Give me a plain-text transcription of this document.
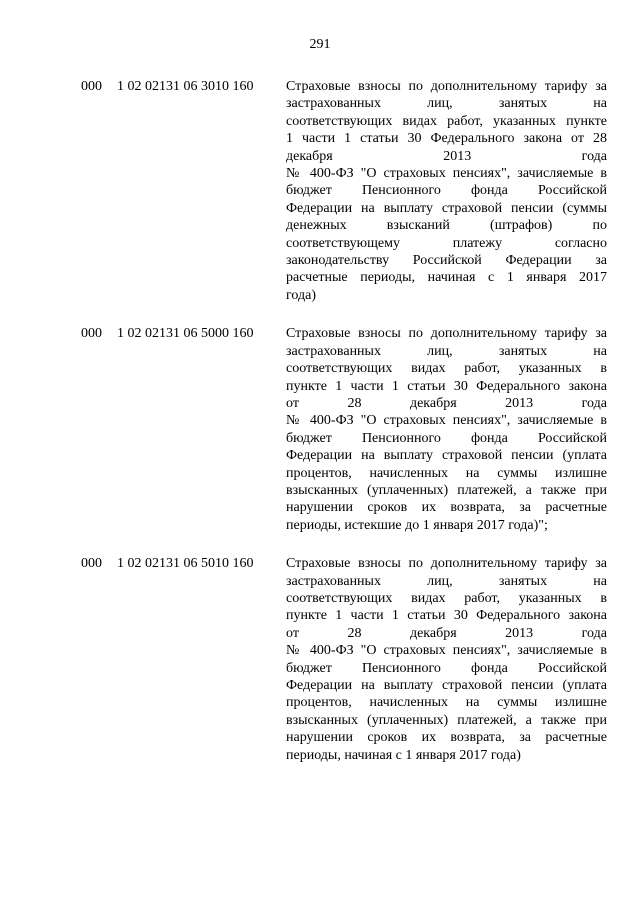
291
000 1 02 02131 06 3010 160 Страховые взносы по дополнительному тарифу за
застрахованных лиц, занятых на
соответствующих видах работ, указанных пункте
1 части 1 статьи 30 Федерального закона от 28
декабря 2013 года
№ 400-ФЗ "О страховых пенсиях", зачисляемые в
бюджет Пенсионного фонда Российской
Федерации на выплату страховой пенсии (суммы
денежных взысканий (штрафов) по
соответствующему платежу согласно
законодательству Российской Федерации за
расчетные периоды, начиная с 1 января 2017
года)
000 1 02 02131 06 5000 160 Страховые взносы по дополнительному тарифу за
застрахованных лиц, занятых на
соответствующих видах работ, указанных в
пункте 1 части 1 статьи 30 Федерального закона
от 28 декабря 2013 года
№ 400-ФЗ "О страховых пенсиях", зачисляемые в
бюджет Пенсионного фонда Российской
Федерации на выплату страховой пенсии (уплата
процентов, начисленных на суммы излишне
взысканных (уплаченных) платежей, а также при
нарушении сроков их возврата, за расчетные
периоды, истекшие до 1 января 2017 года)";
000 1 02 02131 06 5010 160 Страховые взносы по дополнительному тарифу за
застрахованных лиц, занятых на
соответствующих видах работ, указанных в
пункте 1 части 1 статьи 30 Федерального закона
от 28 декабря 2013 года
№ 400-ФЗ "О страховых пенсиях", зачисляемые в
бюджет Пенсионного фонда Российской
Федерации на выплату страховой пенсии (уплата
процентов, начисленных на суммы излишне
взысканных (уплаченных) платежей, а также при
нарушении сроков их возврата, за расчетные
периоды, начиная с 1 января 2017 года)
